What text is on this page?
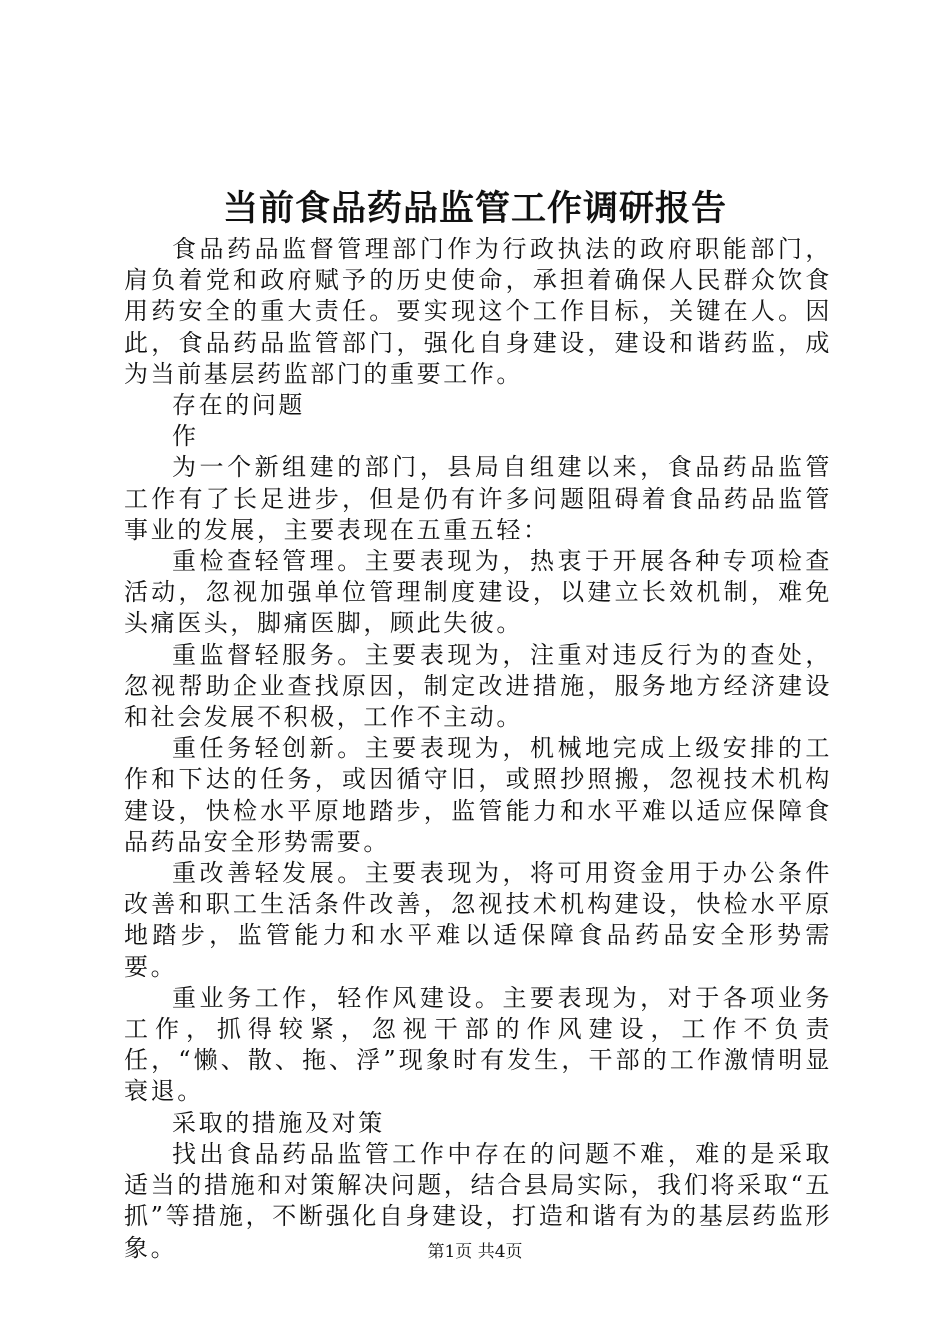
当前食品药品监管工作调研报告

食品药品监督管理部门作为行政执法的政府职能部门，肩负着党和政府赋予的历史使命，承担着确保人民群众饮食用药安全的重大责任。要实现这个工作目标，关键在人。因此，食品药品监管部门，强化自身建设，建设和谐药监，成为当前基层药监部门的重要工作。

存在的问题

作

为一个新组建的部门，县局自组建以来，食品药品监管工作有了长足进步，但是仍有许多问题阻碍着食品药品监管事业的发展，主要表现在五重五轻：

重检查轻管理。主要表现为，热衷于开展各种专项检查活动，忽视加强单位管理制度建设，以建立长效机制，难免头痛医头，脚痛医脚，顾此失彼。

重监督轻服务。主要表现为，注重对违反行为的查处，忽视帮助企业查找原因，制定改进措施，服务地方经济建设和社会发展不积极，工作不主动。

重任务轻创新。主要表现为，机械地完成上级安排的工作和下达的任务，或因循守旧，或照抄照搬，忽视技术机构建设，快检水平原地踏步，监管能力和水平难以适应保障食品药品安全形势需要。

重改善轻发展。主要表现为，将可用资金用于办公条件改善和职工生活条件改善，忽视技术机构建设，快检水平原地踏步，监管能力和水平难以适保障食品药品安全形势需要。

重业务工作，轻作风建设。主要表现为，对于各项业务工作，抓得较紧，忽视干部的作风建设，工作不负责任，“懒、散、拖、浮”现象时有发生，干部的工作激情明显衰退。

采取的措施及对策

找出食品药品监管工作中存在的问题不难，难的是采取适当的措施和对策解决问题，结合县局实际，我们将采取“五抓”等措施，不断强化自身建设，打造和谐有为的基层药监形象。	第1页 共4页
